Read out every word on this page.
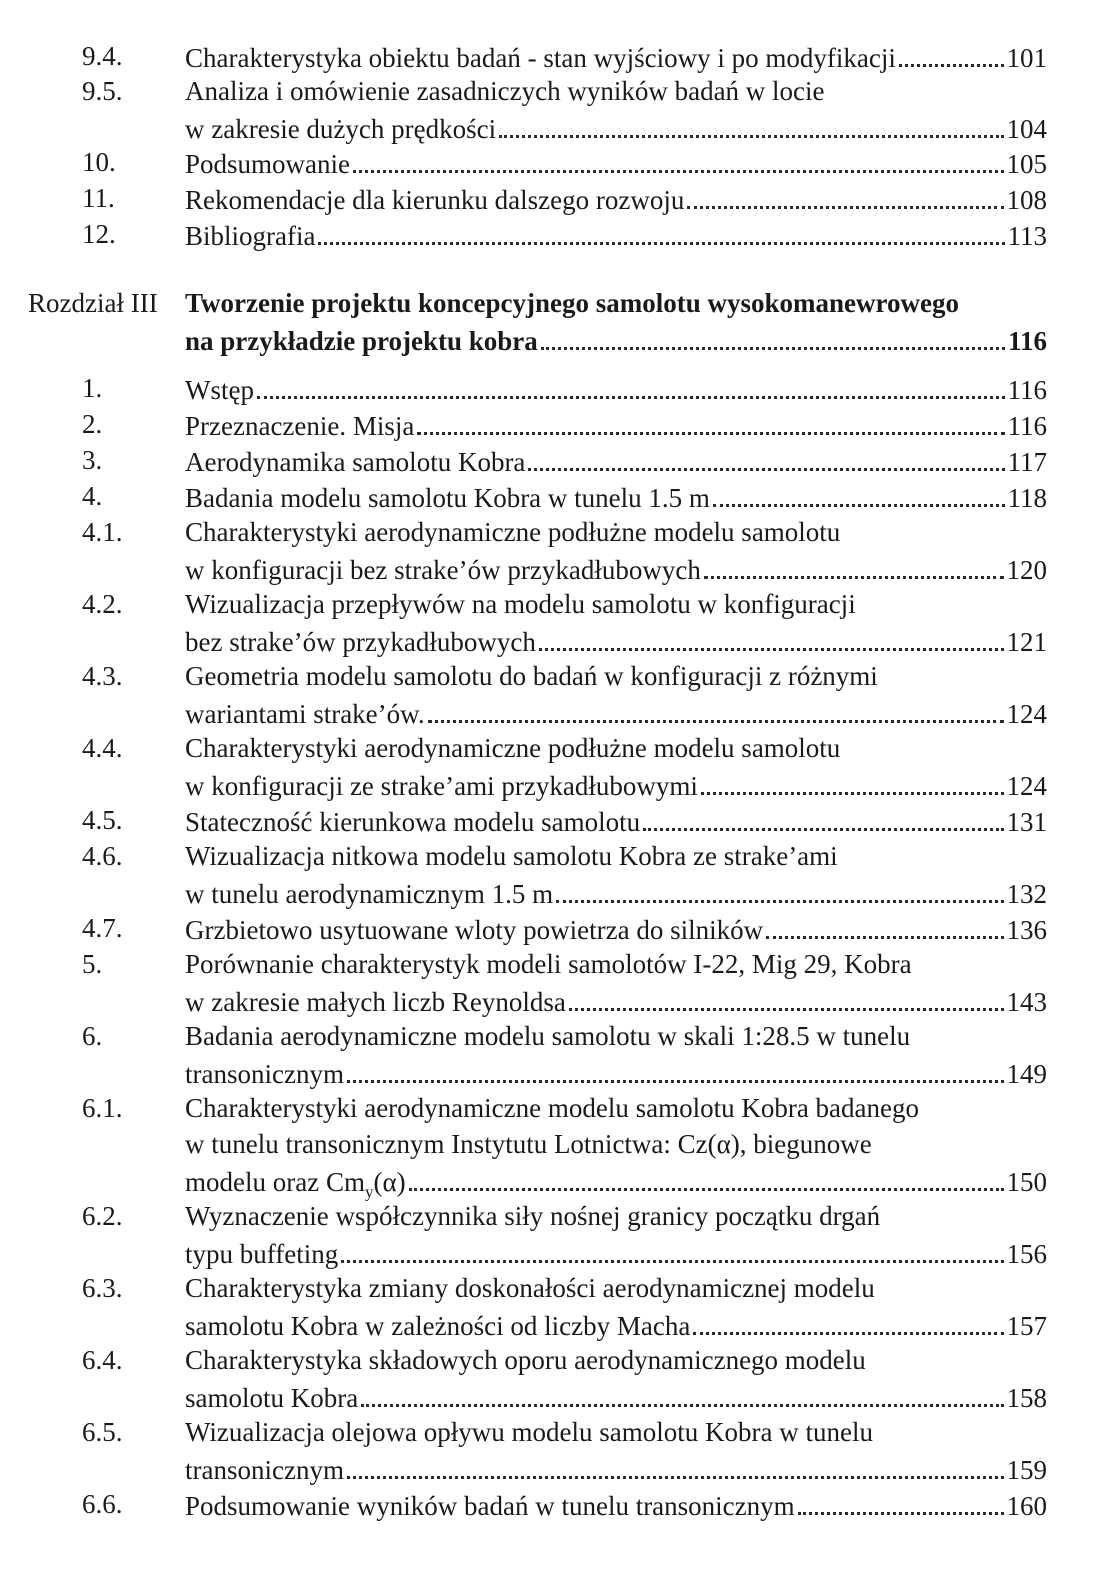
9.4. Charakterystyka obiektu badań - stan wyjściowy i po modyfikacji	101
9.5. Analiza i omówienie zasadniczych wyników badań w locie
w zakresie dużych prędkości	104
10.	Podsumowanie	105
11.	Rekomendacje dla kierunku dalszego rozwoju	108
12.	Bibliografia	113
Rozdział III Tworzenie projektu koncepcyjnego samolotu wysokomanewrowego
na przykładzie projektu kobra	116
1.	Wstęp	116
2.	Przeznaczenie. Misja	116
3.	Aerodynamika samolotu Kobra	117
4.	Badania modelu samolotu Kobra w tunelu 1.5 m	118
4.1. Charakterystyki aerodynamiczne podłużne modelu samolotu
w konfiguracji bez strake’ów przykadłubowych	120
4.2. Wizualizacja przepływów na modelu samolotu w konfiguracji
bez strake’ów przykadłubowych	121
4.3. Geometria modelu samolotu do badań w konfiguracji z różnymi
wariantami strake’ów.	124
4.4. Charakterystyki aerodynamiczne podłużne modelu samolotu
w konfiguracji ze strake’ami przykadłubowymi	124
4.5. Stateczność kierunkowa modelu samolotu	131
4.6. Wizualizacja nitkowa modelu samolotu Kobra ze strake’ami
w tunelu aerodynamicznym 1.5 m	132
4.7. Grzbietowo usytuowane wloty powietrza do silników	136
5.	Porównanie charakterystyk modeli samolotów I-22, Mig 29, Kobra
w zakresie małych liczb Reynoldsa	143
6.	Badania aerodynamiczne modelu samolotu w skali 1:28.5 w tunelu
transonicznym	149
6.1. Charakterystyki aerodynamiczne modelu samolotu Kobra badanego
w tunelu transonicznym Instytutu Lotnictwa: Cz(α), biegunowe
modelu oraz $Cm_y(\alpha)$	150
6.2. Wyznaczenie współczynnika siły nośnej granicy początku drgań
typu buffeting	156
6.3. Charakterystyka zmiany doskonałości aerodynamicznej modelu
samolotu Kobra w zależności od liczby Macha	157
6.4. Charakterystyka składowych oporu aerodynamicznego modelu
samolotu Kobra	158
6.5. Wizualizacja olejowa opływu modelu samolotu Kobra w tunelu
transonicznym	159
6.6. Podsumowanie wyników badań w tunelu transonicznym	160
